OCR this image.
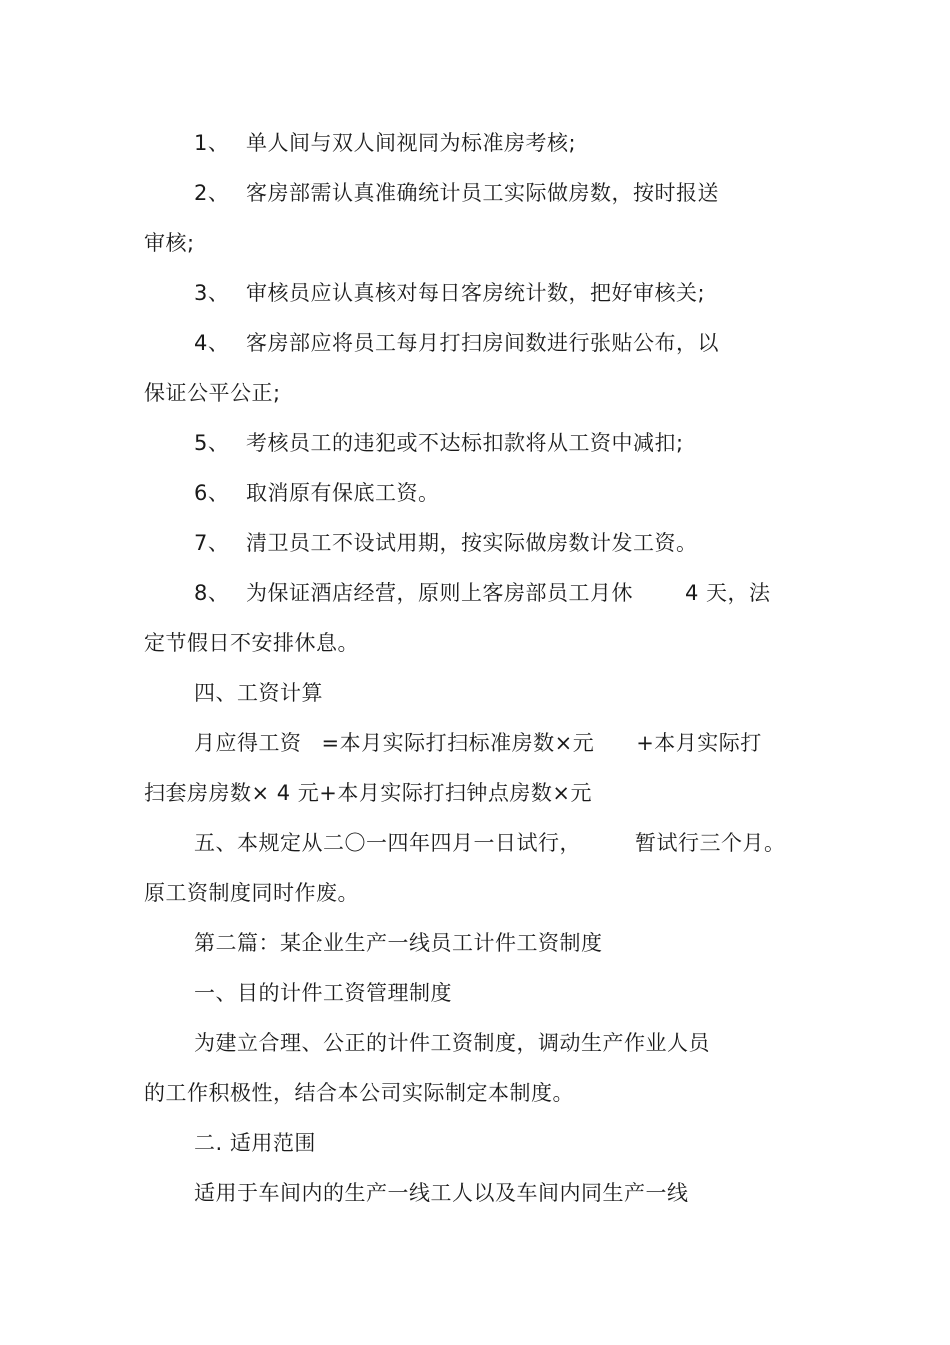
1、 单人间与双人间视同为标准房考核;
2、 客房部需认真准确统计员工实际做房数，按时报送
审核;
3、 审核员应认真核对每日客房统计数，把好审核关;
4、 客房部应将员工每月打扫房间数进行张贴公布，以
保证公平公正;
5、 考核员工的违犯或不达标扣款将从工资中减扣;
6、 取消原有保底工资。
7、 清卫员工不设试用期，按实际做房数计发工资。
8、 为保证酒店经营，原则上客房部员工月休 4 天，法
定节假日不安排休息。
四、工资计算
月应得工资 =本月实际打扫标准房数×元 +本月实际打
扫套房房数× 4 元+本月实际打扫钟点房数×元
五、本规定从二〇一四年四月一日试行，	暂试行三个月。
原工资制度同时作废。
第二篇：某企业生产一线员工计件工资制度
一、目的计件工资管理制度
为建立合理、公正的计件工资制度，调动生产作业人员
的工作积极性，结合本公司实际制定本制度。
二. 适用范围
适用于车间内的生产一线工人以及车间内同生产一线
